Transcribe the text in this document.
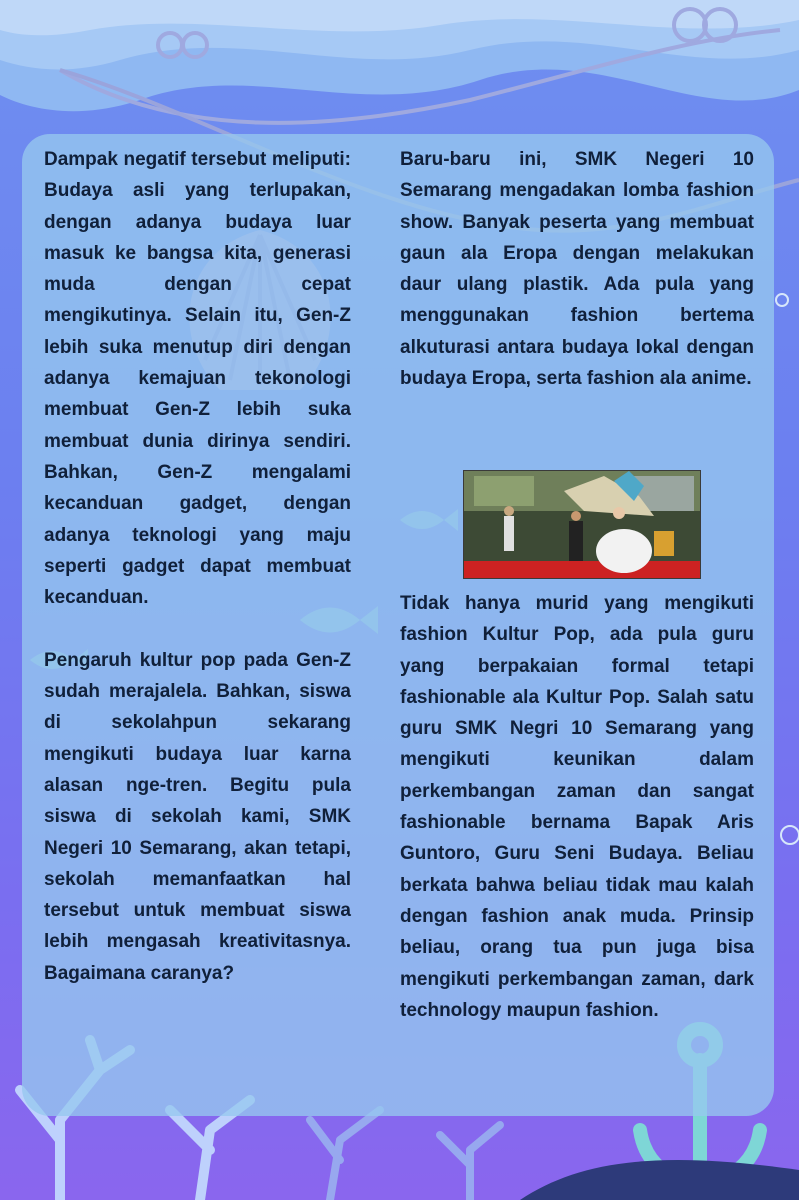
Dampak negatif tersebut meliputi: Budaya asli yang terlupakan, dengan adanya budaya luar masuk ke bangsa kita, generasi muda dengan cepat mengikutinya. Selain itu, Gen-Z lebih suka menutup diri dengan adanya kemajuan tekonologi membuat Gen-Z lebih suka membuat dunia dirinya sendiri. Bahkan, Gen-Z mengalami kecanduan gadget, dengan adanya teknologi yang maju seperti gadget dapat membuat kecanduan.

Pengaruh kultur pop pada Gen-Z sudah merajalela. Bahkan, siswa di sekolahpun sekarang mengikuti budaya luar karna alasan nge-tren. Begitu pula siswa di sekolah kami, SMK Negeri 10 Semarang, akan tetapi, sekolah memanfaatkan hal tersebut untuk membuat siswa lebih mengasah kreativitasnya. Bagaimana caranya?

Baru-baru ini, SMK Negeri 10 Semarang mengadakan lomba fashion show. Banyak peserta yang membuat gaun ala Eropa dengan melakukan daur ulang plastik. Ada pula yang menggunakan fashion bertema alkuturasi antara budaya lokal dengan budaya Eropa, serta fashion ala anime.

Tidak hanya murid yang mengikuti fashion Kultur Pop, ada pula guru yang berpakaian formal tetapi fashionable ala Kultur Pop. Salah satu guru SMK Negri 10 Semarang yang mengikuti keunikan dalam perkembangan zaman dan sangat fashionable bernama Bapak Aris Guntoro, Guru Seni Budaya. Beliau berkata bahwa beliau tidak mau kalah dengan fashion anak muda. Prinsip beliau, orang tua pun juga bisa mengikuti perkembangan zaman, dark technology maupun fashion.
